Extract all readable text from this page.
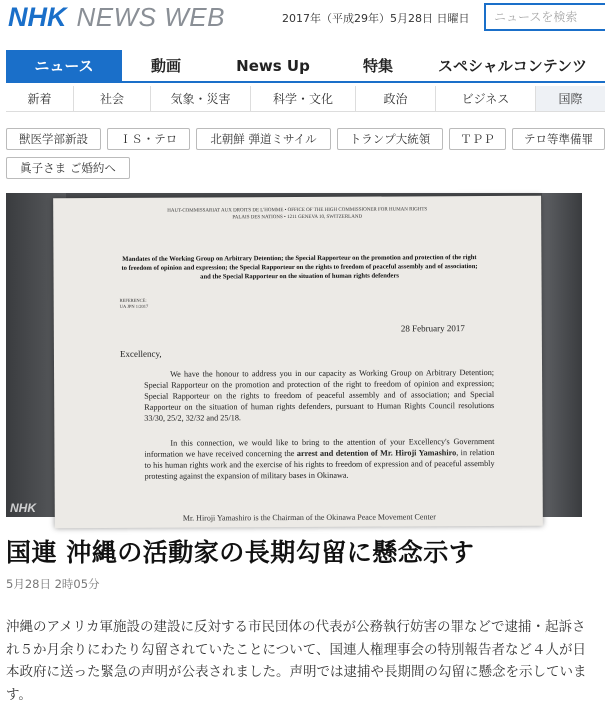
NHK NEWS WEB	2017年（平成29年）5月28日 日曜日
ニュースを検索
ニュース	動画	News Up	特集	スペシャルコンテンツ
新着	社会	気象・災害	科学・文化	政治	ビジネス	国際
獣医学部新設	ＩＳ・テロ	北朝鮮 弾道ミサイル	トランプ大統領	ＴＰＰ	テロ等準備罪
眞子さま ご婚約へ
HAUT-COMMISSARIAT AUX DROITS DE L'HOMME • OFFICE OF THE HIGH COMMISSIONER FOR HUMAN RIGHTS
PALAIS DES NATIONS • 1211 GENEVA 10, SWITZERLAND
Mandates of the Working Group on Arbitrary Detention; the Special Rapporteur on the promotion and protection of the right to freedom of opinion and expression; the Special Rapporteur on the rights to freedom of peaceful assembly and of association; and the Special Rapporteur on the situation of human rights defenders
REFERENCE:
UA JPN 1/2017
28 February 2017
Excellency,

We have the honour to address you in our capacity as Working Group on Arbitrary Detention; Special Rapporteur on the promotion and protection of the right to freedom of opinion and expression; Special Rapporteur on the rights to freedom of peaceful assembly and of association; and Special Rapporteur on the situation of human rights defenders, pursuant to Human Rights Council resolutions 33/30, 25/2, 32/32 and 25/18.

In this connection, we would like to bring to the attention of your Excellency's Government information we have received concerning the arrest and detention of Mr. Hiroji Yamashiro, in relation to his human rights work and the exercise of his rights to freedom of expression and of peaceful assembly protesting against the expansion of military bases in Okinawa.

Mr. Hiroji Yamashiro is the Chairman of the Okinawa Peace Movement Center
NHK
国連 沖縄の活動家の長期勾留に懸念示す
5月28日 2時05分
沖縄のアメリカ軍施設の建設に反対する市民団体の代表が公務執行妨害の罪などで逮捕・起訴され５か月余りにわたり勾留されていたことについて、国連人権理事会の特別報告者など４人が日本政府に送った緊急の声明が公表されました。声明では逮捕や長期間の勾留に懸念を示しています。
